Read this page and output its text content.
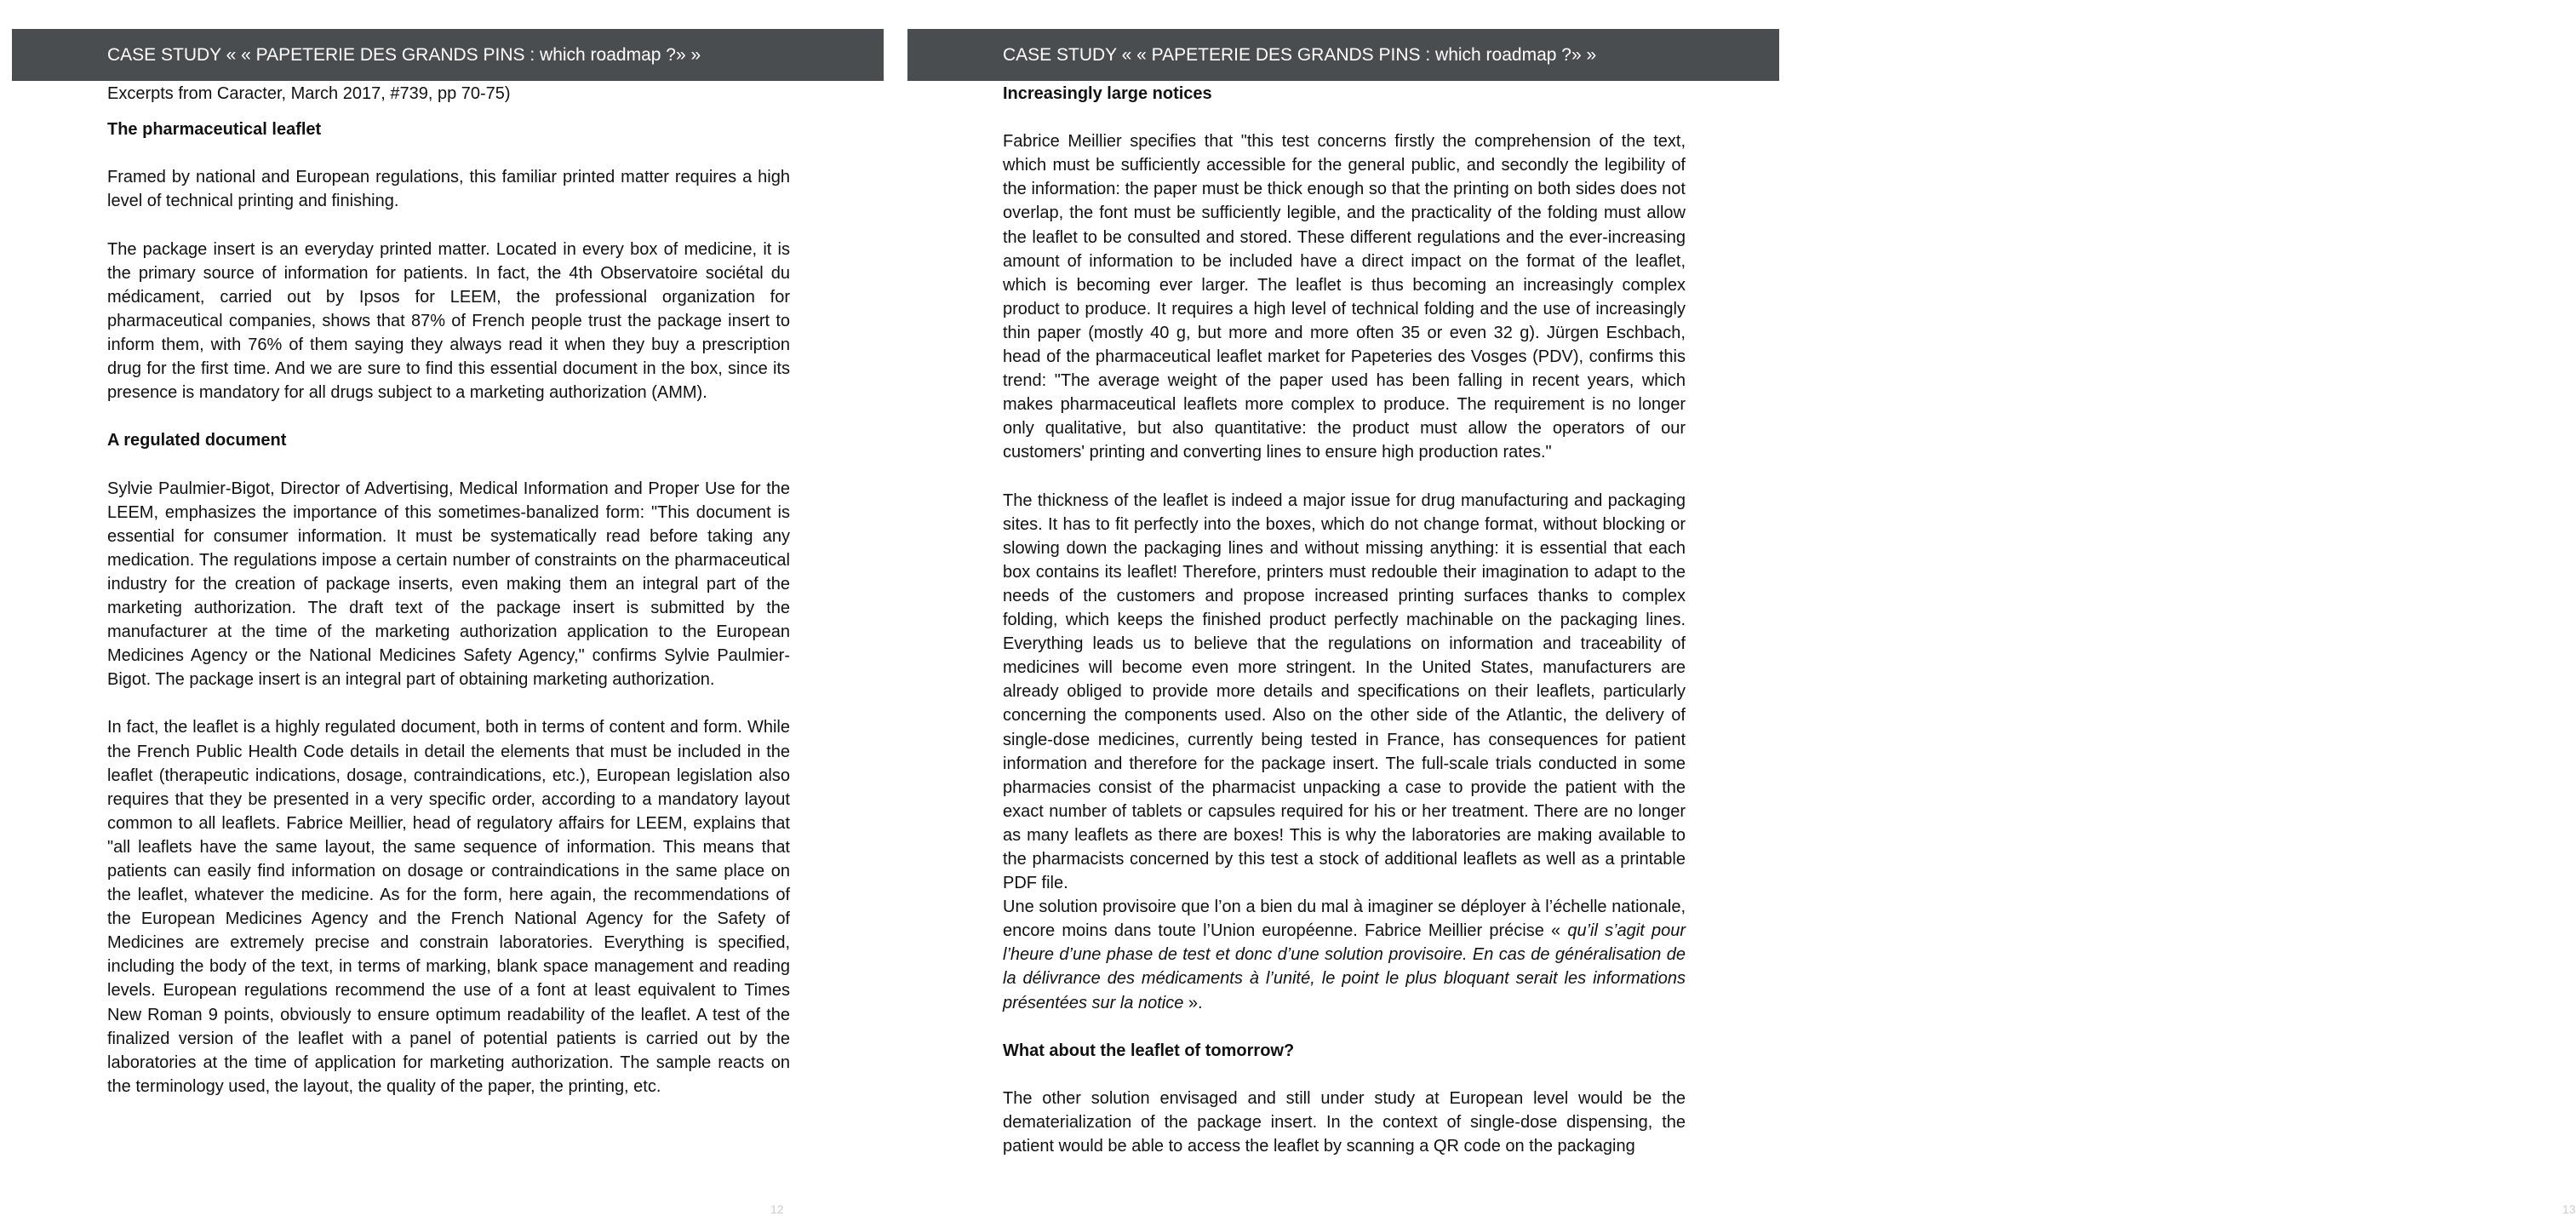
CASE STUDY « « PAPETERIE DES GRANDS PINS : which roadmap ?» »

Excerpts from Caracter, March 2017, #739, pp 70-75)

The pharmaceutical leaflet

Framed by national and European regulations, this familiar printed matter requires a high level of technical printing and finishing.

The package insert is an everyday printed matter. Located in every box of medicine, it is the primary source of information for patients. In fact, the 4th Observatoire sociétal du médicament, carried out by Ipsos for LEEM, the professional organization for pharmaceutical companies, shows that 87% of French people trust the package insert to inform them, with 76% of them saying they always read it when they buy a prescription drug for the first time. And we are sure to find this essential document in the box, since its presence is mandatory for all drugs subject to a marketing authorization (AMM).

A regulated document

Sylvie Paulmier-Bigot, Director of Advertising, Medical Information and Proper Use for the LEEM, emphasizes the importance of this sometimes-banalized form: "This document is essential for consumer information. It must be systematically read before taking any medication. The regulations impose a certain number of constraints on the pharmaceutical industry for the creation of package inserts, even making them an integral part of the marketing authorization. The draft text of the package insert is submitted by the manufacturer at the time of the marketing authorization application to the European Medicines Agency or the National Medicines Safety Agency," confirms Sylvie Paulmier-Bigot. The package insert is an integral part of obtaining marketing authorization.

In fact, the leaflet is a highly regulated document, both in terms of content and form. While the French Public Health Code details in detail the elements that must be included in the leaflet (therapeutic indications, dosage, contraindications, etc.), European legislation also requires that they be presented in a very specific order, according to a mandatory layout common to all leaflets. Fabrice Meillier, head of regulatory affairs for LEEM, explains that "all leaflets have the same layout, the same sequence of information. This means that patients can easily find information on dosage or contraindications in the same place on the leaflet, whatever the medicine. As for the form, here again, the recommendations of the European Medicines Agency and the French National Agency for the Safety of Medicines are extremely precise and constrain laboratories. Everything is specified, including the body of the text, in terms of marking, blank space management and reading levels. European regulations recommend the use of a font at least equivalent to Times New Roman 9 points, obviously to ensure optimum readability of the leaflet. A test of the finalized version of the leaflet with a panel of potential patients is carried out by the laboratories at the time of application for marketing authorization. The sample reacts on the terminology used, the layout, the quality of the paper, the printing, etc.

12
CASE STUDY « « PAPETERIE DES GRANDS PINS : which roadmap ?» »
Increasingly large notices

Fabrice Meillier specifies that "this test concerns firstly the comprehension of the text, which must be sufficiently accessible for the general public, and secondly the legibility of the information: the paper must be thick enough so that the printing on both sides does not overlap, the font must be sufficiently legible, and the practicality of the folding must allow the leaflet to be consulted and stored. These different regulations and the ever-increasing amount of information to be included have a direct impact on the format of the leaflet, which is becoming ever larger. The leaflet is thus becoming an increasingly complex product to produce. It requires a high level of technical folding and the use of increasingly thin paper (mostly 40 g, but more and more often 35 or even 32 g). Jürgen Eschbach, head of the pharmaceutical leaflet market for Papeteries des Vosges (PDV), confirms this trend: "The average weight of the paper used has been falling in recent years, which makes pharmaceutical leaflets more complex to produce. The requirement is no longer only qualitative, but also quantitative: the product must allow the operators of our customers' printing and converting lines to ensure high production rates."

The thickness of the leaflet is indeed a major issue for drug manufacturing and packaging sites. It has to fit perfectly into the boxes, which do not change format, without blocking or slowing down the packaging lines and without missing anything: it is essential that each box contains its leaflet! Therefore, printers must redouble their imagination to adapt to the needs of the customers and propose increased printing surfaces thanks to complex folding, which keeps the finished product perfectly machinable on the packaging lines. Everything leads us to believe that the regulations on information and traceability of medicines will become even more stringent. In the United States, manufacturers are already obliged to provide more details and specifications on their leaflets, particularly concerning the components used. Also on the other side of the Atlantic, the delivery of single-dose medicines, currently being tested in France, has consequences for patient information and therefore for the package insert. The full-scale trials conducted in some pharmacies consist of the pharmacist unpacking a case to provide the patient with the exact number of tablets or capsules required for his or her treatment. There are no longer as many leaflets as there are boxes! This is why the laboratories are making available to the pharmacists concerned by this test a stock of additional leaflets as well as a printable PDF file.

Une solution provisoire que l’on a bien du mal à imaginer se déployer à l’échelle nationale, encore moins dans toute l’Union européenne. Fabrice Meillier précise « qu’il s’agit pour l’heure d’une phase de test et donc d’une solution provisoire. En cas de généralisation de la délivrance des médicaments à l’unité, le point le plus bloquant serait les informations présentées sur la notice ».

What about the leaflet of tomorrow?

The other solution envisaged and still under study at European level would be the dematerialization of the package insert. In the context of single-dose dispensing, the patient would be able to access the leaflet by scanning a QR code on the packaging

13
